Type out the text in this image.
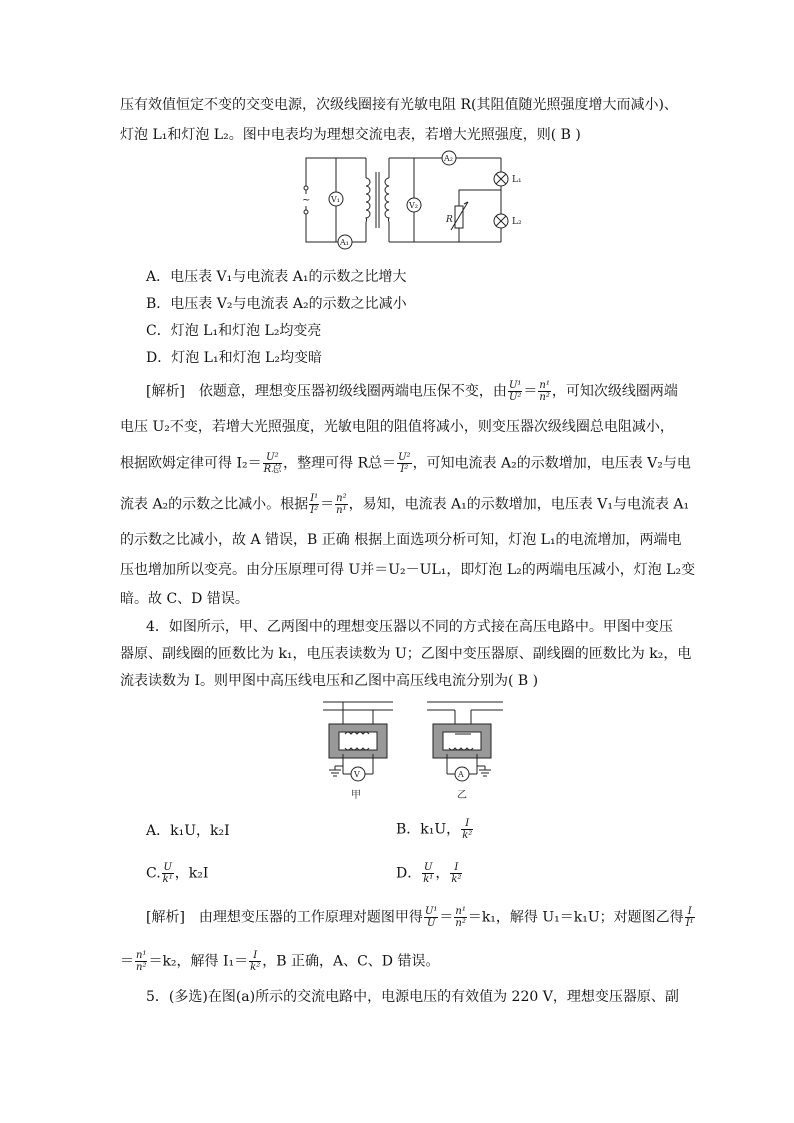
压有效值恒定不变的交变电源，次级线圈接有光敏电阻 R(其阻值随光照强度增大而减小)、
灯泡 L₁和灯泡 L₂。图中电表均为理想交流电表，若增大光照强度，则( B )
~
A₁
V₁
A₂
V₂
L₁
L₂
R
A．电压表 V₁与电流表 A₁的示数之比增大
B．电压表 V₂与电流表 A₂的示数之比减小
C．灯泡 L₁和灯泡 L₂均变亮
D．灯泡 L₁和灯泡 L₂均变暗
[解析]　依题意，理想变压器初级线圈两端电压保不变，由 $\frac{\text{U¹}}{\text{U²}} = \frac{\text{n¹}}{\text{n²}}$ ，可知次级线圈两端
电压 U₂不变，若增大光照强度，光敏电阻的阻值将减小，则变压器次级线圈总电阻减小，
根据欧姆定律可得 $I_2= \frac{\text{U²}}{\text{R总}}$ ，整理可得 R总＝ $\frac{\text{U²}}{\text{I²}}$ ，可知电流表 A₂的示数增加，电压表 V₂与电
流表 A₂的示数之比减小。根据 $\frac{\text{I¹}}{\text{I²}} = \frac{\text{n²}}{\text{n¹}}$ ，易知，电流表 A₁的示数增加，电压表 V₁与电流表 A₁
的示数之比减小，故 A 错误，B 正确 根据上面选项分析可知，灯泡 L₁的电流增加，两端电
压也增加所以变亮。由分压原理可得 U并＝U₂－UL₁，即灯泡 L₂的两端电压减小，灯泡 L₂变
暗。故 C、D 错误。
4．如图所示，甲、乙两图中的理想变压器以不同的方式接在高压电路中。甲图中变压
器原、副线圈的匝数比为 k₁，电压表读数为 U；乙图中变压器原、副线圈的匝数比为 k₂，电
流表读数为 I。则甲图中高压线电压和乙图中高压线电流分别为( B )
V
甲
A
乙
A．k₁U，k₂I	B．k₁U， $\frac{I}{\text{k²}}$
C. $\frac{U}{\text{k¹}}$ ，k₂I	D． $\frac{U}{\text{k¹}}$ ， $\frac{I}{\text{k²}}$
[解析]　由理想变压器的工作原理对题图甲得 $\frac{\text{U¹}}{U} = \frac{\text{n¹}}{\text{n²}} =k_1$，解得 U₁＝k₁U；对题图乙得 $\frac{I}{\text{I¹}}$
＝ $\frac{\text{n¹}}{\text{n²}} =k_2$，解得 $I_1= \frac{I}{\text{k²}}$ ，B 正确，A、C、D 错误。
5．(多选)在图(a)所示的交流电路中，电源电压的有效值为 220 V，理想变压器原、副
